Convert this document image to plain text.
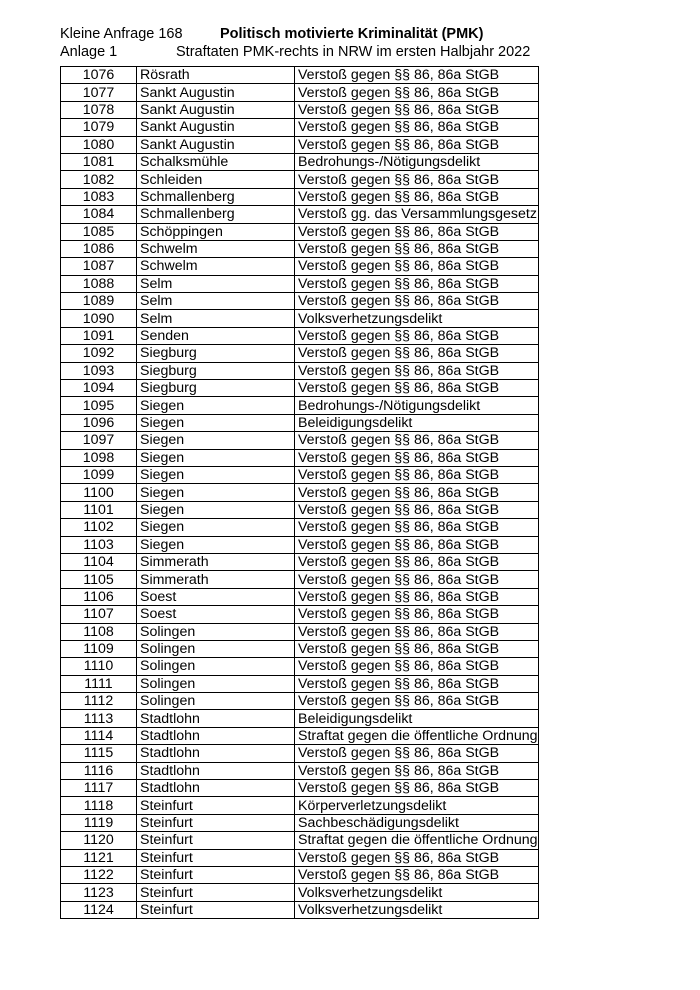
Kleine Anfrage 168
Anlage 1
Politisch motivierte Kriminalität (PMK)
Straftaten PMK-rechts in NRW im ersten Halbjahr 2022
1076	Rösrath	Verstoß gegen §§ 86, 86a StGB
1077	Sankt Augustin	Verstoß gegen §§ 86, 86a StGB
1078	Sankt Augustin	Verstoß gegen §§ 86, 86a StGB
1079	Sankt Augustin	Verstoß gegen §§ 86, 86a StGB
1080	Sankt Augustin	Verstoß gegen §§ 86, 86a StGB
1081	Schalksmühle	Bedrohungs-/Nötigungsdelikt
1082	Schleiden	Verstoß gegen §§ 86, 86a StGB
1083	Schmallenberg	Verstoß gegen §§ 86, 86a StGB
1084	Schmallenberg	Verstoß gg. das Versammlungsgesetz
1085	Schöppingen	Verstoß gegen §§ 86, 86a StGB
1086	Schwelm	Verstoß gegen §§ 86, 86a StGB
1087	Schwelm	Verstoß gegen §§ 86, 86a StGB
1088	Selm	Verstoß gegen §§ 86, 86a StGB
1089	Selm	Verstoß gegen §§ 86, 86a StGB
1090	Selm	Volksverhetzungsdelikt
1091	Senden	Verstoß gegen §§ 86, 86a StGB
1092	Siegburg	Verstoß gegen §§ 86, 86a StGB
1093	Siegburg	Verstoß gegen §§ 86, 86a StGB
1094	Siegburg	Verstoß gegen §§ 86, 86a StGB
1095	Siegen	Bedrohungs-/Nötigungsdelikt
1096	Siegen	Beleidigungsdelikt
1097	Siegen	Verstoß gegen §§ 86, 86a StGB
1098	Siegen	Verstoß gegen §§ 86, 86a StGB
1099	Siegen	Verstoß gegen §§ 86, 86a StGB
1100	Siegen	Verstoß gegen §§ 86, 86a StGB
1101	Siegen	Verstoß gegen §§ 86, 86a StGB
1102	Siegen	Verstoß gegen §§ 86, 86a StGB
1103	Siegen	Verstoß gegen §§ 86, 86a StGB
1104	Simmerath	Verstoß gegen §§ 86, 86a StGB
1105	Simmerath	Verstoß gegen §§ 86, 86a StGB
1106	Soest	Verstoß gegen §§ 86, 86a StGB
1107	Soest	Verstoß gegen §§ 86, 86a StGB
1108	Solingen	Verstoß gegen §§ 86, 86a StGB
1109	Solingen	Verstoß gegen §§ 86, 86a StGB
1110	Solingen	Verstoß gegen §§ 86, 86a StGB
1111	Solingen	Verstoß gegen §§ 86, 86a StGB
1112	Solingen	Verstoß gegen §§ 86, 86a StGB
1113	Stadtlohn	Beleidigungsdelikt
1114	Stadtlohn	Straftat gegen die öffentliche Ordnung
1115	Stadtlohn	Verstoß gegen §§ 86, 86a StGB
1116	Stadtlohn	Verstoß gegen §§ 86, 86a StGB
1117	Stadtlohn	Verstoß gegen §§ 86, 86a StGB
1118	Steinfurt	Körperverletzungsdelikt
1119	Steinfurt	Sachbeschädigungsdelikt
1120	Steinfurt	Straftat gegen die öffentliche Ordnung
1121	Steinfurt	Verstoß gegen §§ 86, 86a StGB
1122	Steinfurt	Verstoß gegen §§ 86, 86a StGB
1123	Steinfurt	Volksverhetzungsdelikt
1124	Steinfurt	Volksverhetzungsdelikt
